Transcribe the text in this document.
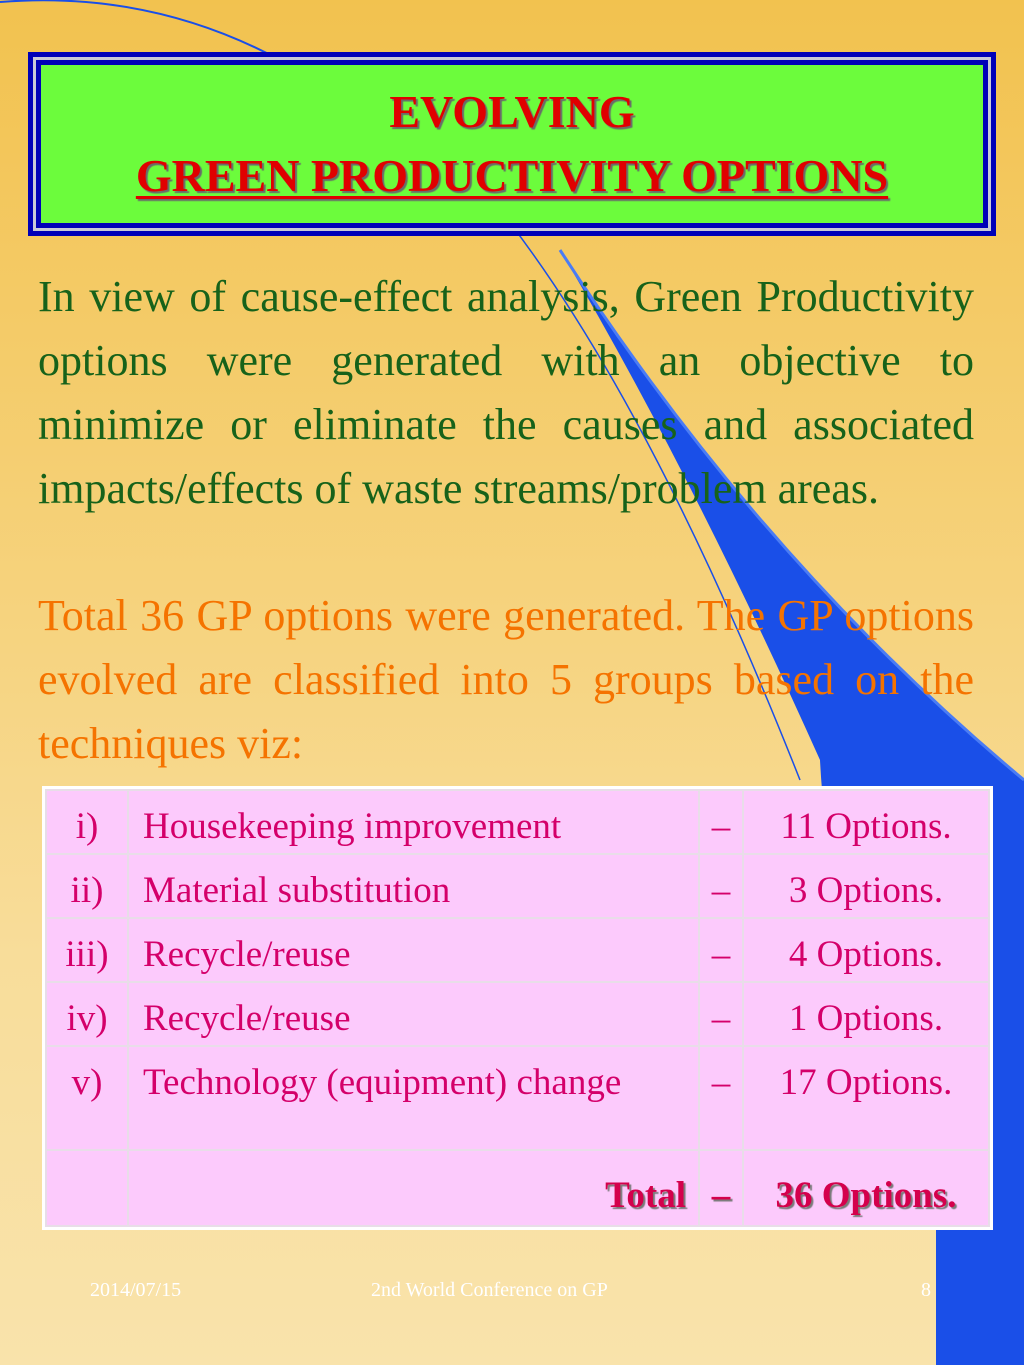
EVOLVING
GREEN PRODUCTIVITY OPTIONS

In view of cause-effect analysis, Green Productivity options were generated with an objective to minimize or eliminate the causes and associated impacts/effects of waste streams/problem areas.

Total 36 GP options were generated. The GP options evolved are classified into 5 groups based on the techniques viz:

i)	Housekeeping improvement	–	11 Options.
ii)	Material substitution	–	3 Options.
iii)	Recycle/reuse	–	4 Options.
iv)	Recycle/reuse	–	1 Options.
v)	Technology (equipment) change	–	17 Options.
	Total	–	36 Options.
2014/07/15	2nd World Conference on GP	8
